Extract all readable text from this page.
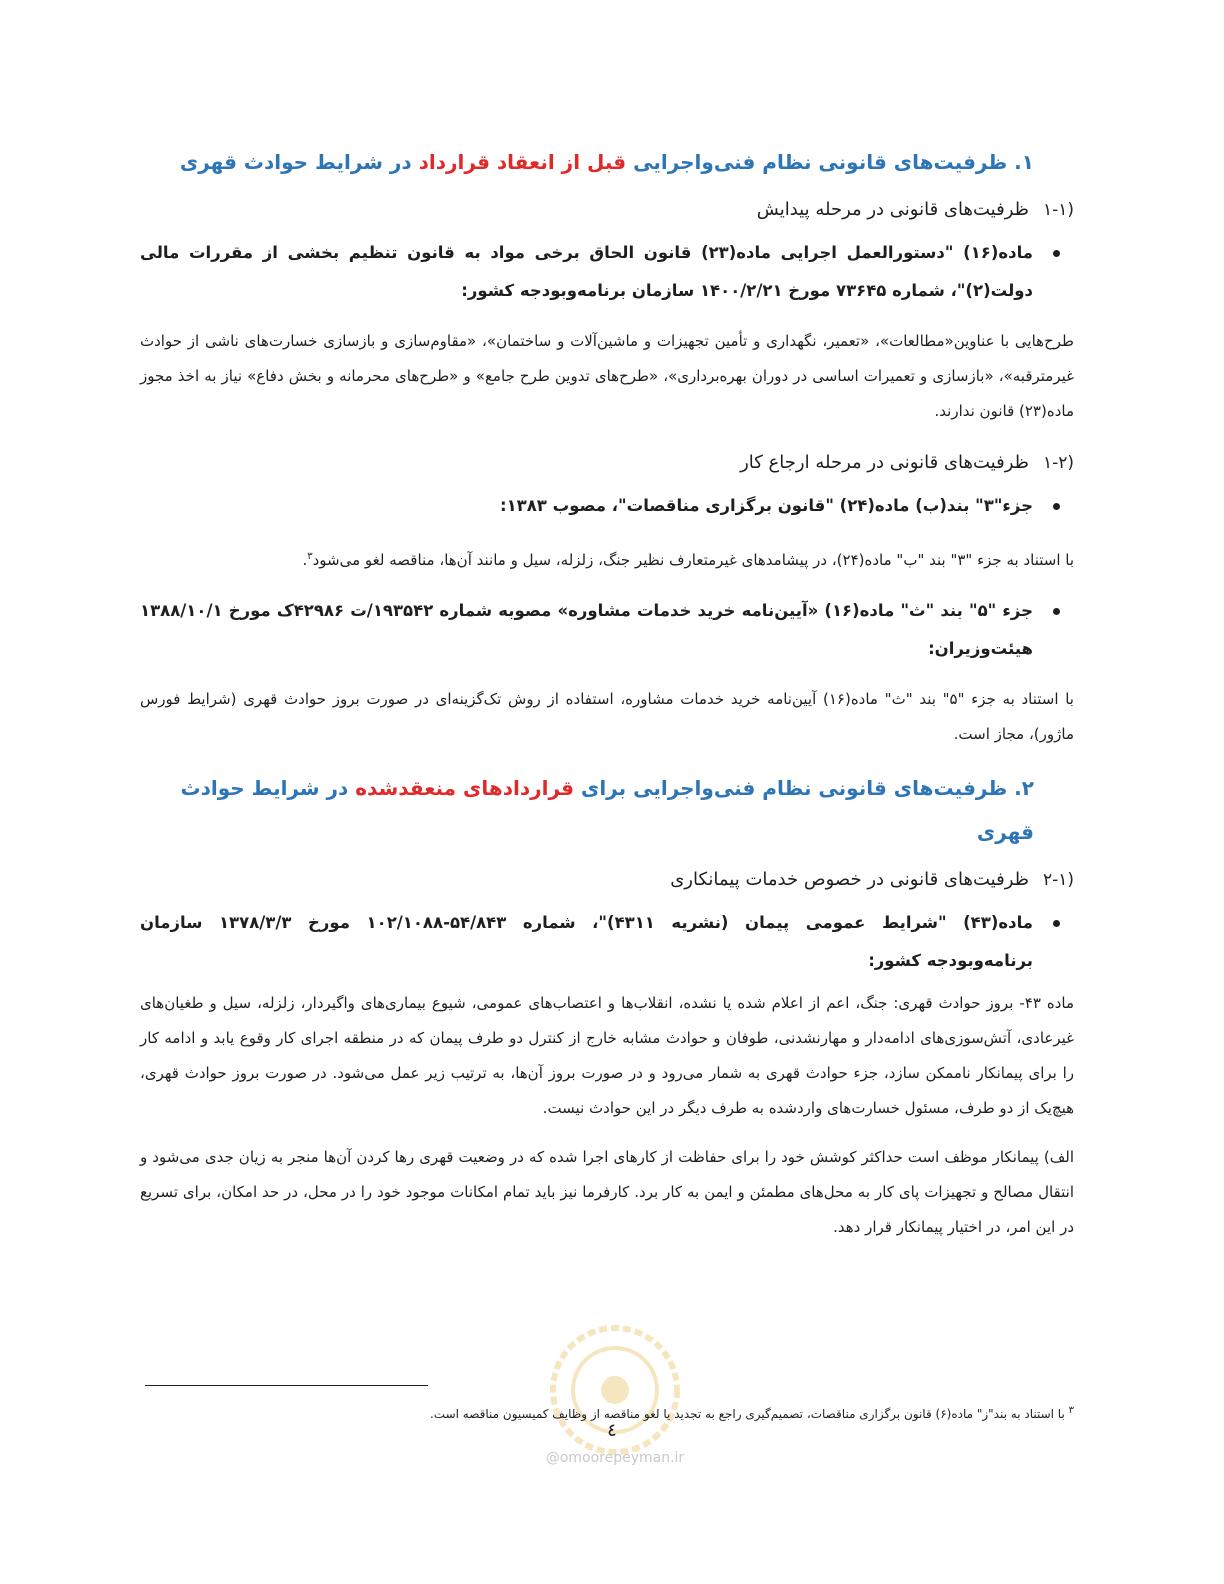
۱. ظرفیت‌های قانونی نظام فنی‌واجرایی قبل از انعقاد قرارداد در شرایط حوادث قهری
۱-۱)
ظرفیت‌های قانونی در مرحله پیدایش
ماده(۱۶) "دستورالعمل اجرایی ماده(۲۳) قانون الحاق برخی مواد به قانون تنظیم بخشی از مقررات مالی دولت(۲)"، شماره ۷۳۶۴۵ مورخ ۱۴۰۰/۲/۲۱ سازمان برنامه‌وبودجه کشور:

طرح‌هایی با عناوین«مطالعات»، «تعمیر، نگهداری و تأمین تجهیزات و ماشین‌آلات و ساختمان»، «مقاوم‌سازی و بازسازی خسارت‌های ناشی از حوادث غیرمترقبه»، «بازسازی و تعمیرات اساسی در دوران بهره‌برداری»، «طرح‌های تدوین طرح جامع» و «طرح‌های محرمانه و بخش دفاع» نیاز به اخذ مجوز ماده(۲۳) قانون ندارند.

۱-۲)
ظرفیت‌های قانونی در مرحله ارجاع کار
جزء"۳" بند(ب) ماده(۲۴) "قانون برگزاری مناقصات"، مصوب ۱۳۸۳:

با استناد به جزء "۳" بند "ب" ماده(۲۴)، در پیشامدهای غیرمتعارف نظیر جنگ، زلزله، سیل و مانند آن‌ها، مناقصه لغو می‌شود$^۳$.

جزء "۵" بند "ث" ماده(۱۶) «آیین‌نامه خرید خدمات مشاوره» مصوبه شماره ۱۹۳۵۴۲/ت ۴۲۹۸۶ک مورخ ۱۳۸۸/۱۰/۱ هیئت‌وزیران:

با استناد به جزء "۵" بند "ث" ماده(۱۶) آیین‌نامه خرید خدمات مشاوره، استفاده از روش تک‌گزینه‌ای در صورت بروز حوادث قهری (شرایط فورس ماژور)، مجاز است.

۲. ظرفیت‌های قانونی نظام فنی‌واجرایی برای قراردادهای منعقدشده در شرایط حوادث قهری
۲-۱)
ظرفیت‌های قانونی در خصوص خدمات پیمانکاری
ماده(۴۳) "شرایط عمومی پیمان (نشریه ۴۳۱۱)"، شماره ۵۴/۸۴۳-۱۰۲/۱۰۸۸ مورخ ۱۳۷۸/۳/۳ سازمان برنامه‌وبودجه کشور:

ماده ۴۳- بروز حوادث قهری: جنگ، اعم از اعلام شده یا نشده، انقلاب‌ها و اعتصاب‌های عمومی، شیوع بیماری‌های واگیردار، زلزله، سیل و طغیان‌های غیرعادی، آتش‌سوزی‌های ادامه‌دار و مهارنشدنی، طوفان و حوادث مشابه خارج از کنترل دو طرف پیمان که در منطقه اجرای کار وقوع یابد و ادامه کار را برای پیمانکار ناممکن سازد، جزء حوادث قهری به شمار می‌رود و در صورت بروز آن‌ها، به ترتیب زیر عمل می‌شود. در صورت بروز حوادث قهری، هیچ‌یک از دو طرف، مسئول خسارت‌های واردشده به طرف دیگر در این حوادث نیست.

الف) پیمانکار موظف است حداکثر کوشش خود را برای حفاظت از کارهای اجرا شده که در وضعیت قهری رها کردن آن‌ها منجر به زیان جدی می‌شود و انتقال مصالح و تجهیزات پای کار به محل‌های مطمئن و ایمن به کار برد. کارفرما نیز باید تمام امکانات موجود خود را در محل، در حد امکان، برای تسریع در این امر، در اختیار پیمانکار قرار دهد.

$^۳$ با استناد به بند"ز" ماده(۶) قانون برگزاری مناقصات، تصمیم‌گیری راجع به تجدید یا لغو مناقصه از وظایف کمیسیون مناقصه است.
٤
@omoorepeyman.ir
